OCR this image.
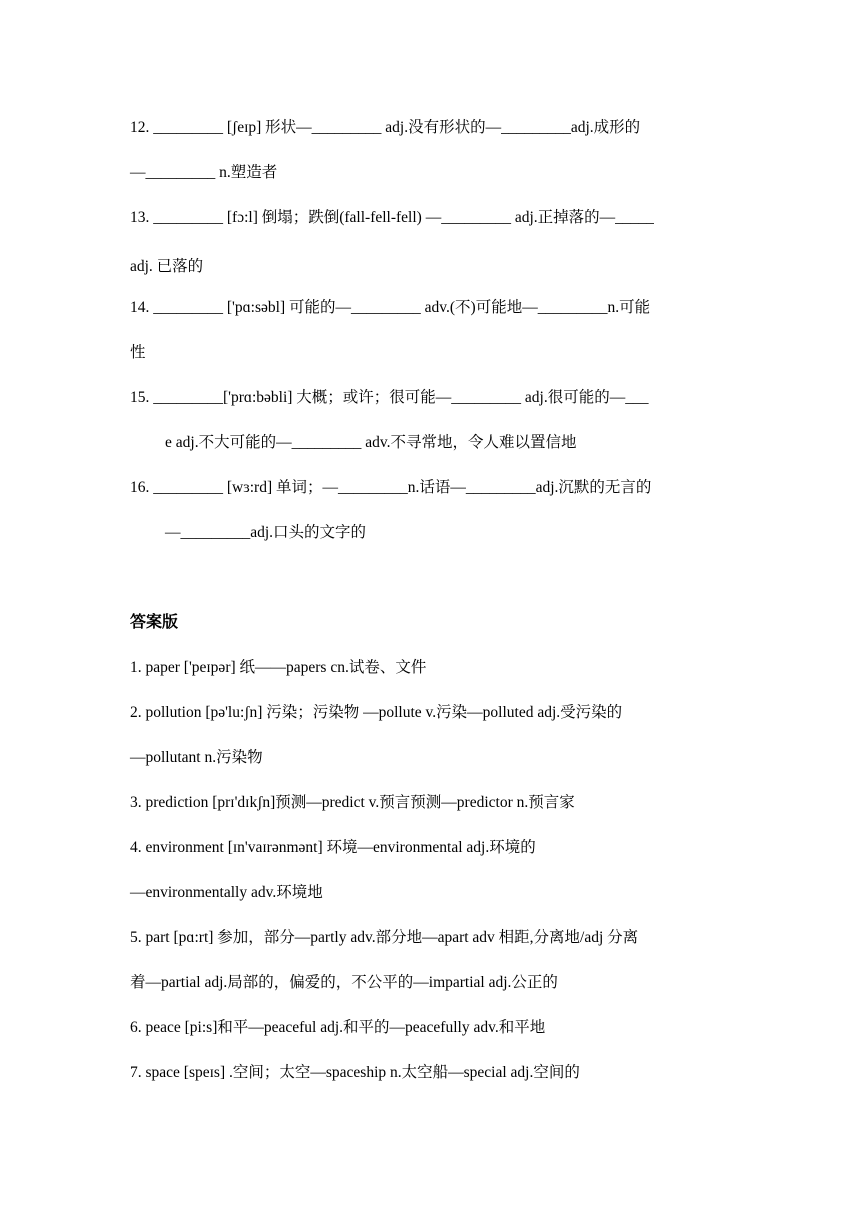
12. _________ [ʃeɪp] 形状—_________ adj.没有形状的—_________adj.成形的
—_________ n.塑造者
13. _________ [fɔ:l] 倒塌；跌倒(fall-fell-fell) —_________ adj.正掉落的—_____
adj. 已落的
14. _________ ['pɑ:səbl] 可能的—_________ adv.(不)可能地—_________n.可能
性
15. _________['prɑ:bəbli] 大概；或许；很可能—_________ adj.很可能的—___
e adj.不大可能的—_________ adv.不寻常地，令人难以置信地
16. _________ [wɜ:rd] 单词；—_________n.话语—_________adj.沉默的无言的
—_________adj.口头的文字的
答案版
1. paper ['peɪpər] 纸——papers cn.试卷、文件
2. pollution [pə'lu:ʃn] 污染；污染物 —pollute v.污染—polluted adj.受污染的
—pollutant n.污染物
3. prediction [prɪ'dɪkʃn]预测—predict v.预言预测—predictor n.预言家
4. environment [ɪn'vaɪrənmənt] 环境—environmental adj.环境的
—environmentally adv.环境地
5. part [pɑ:rt] 参加，部分—partly adv.部分地—apart adv 相距,分离地/adj 分离
着—partial adj.局部的，偏爱的，不公平的—impartial adj.公正的
6. peace [pi:s]和平—peaceful adj.和平的—peacefully adv.和平地
7. space [speɪs] .空间；太空—spaceship n.太空船—special adj.空间的
